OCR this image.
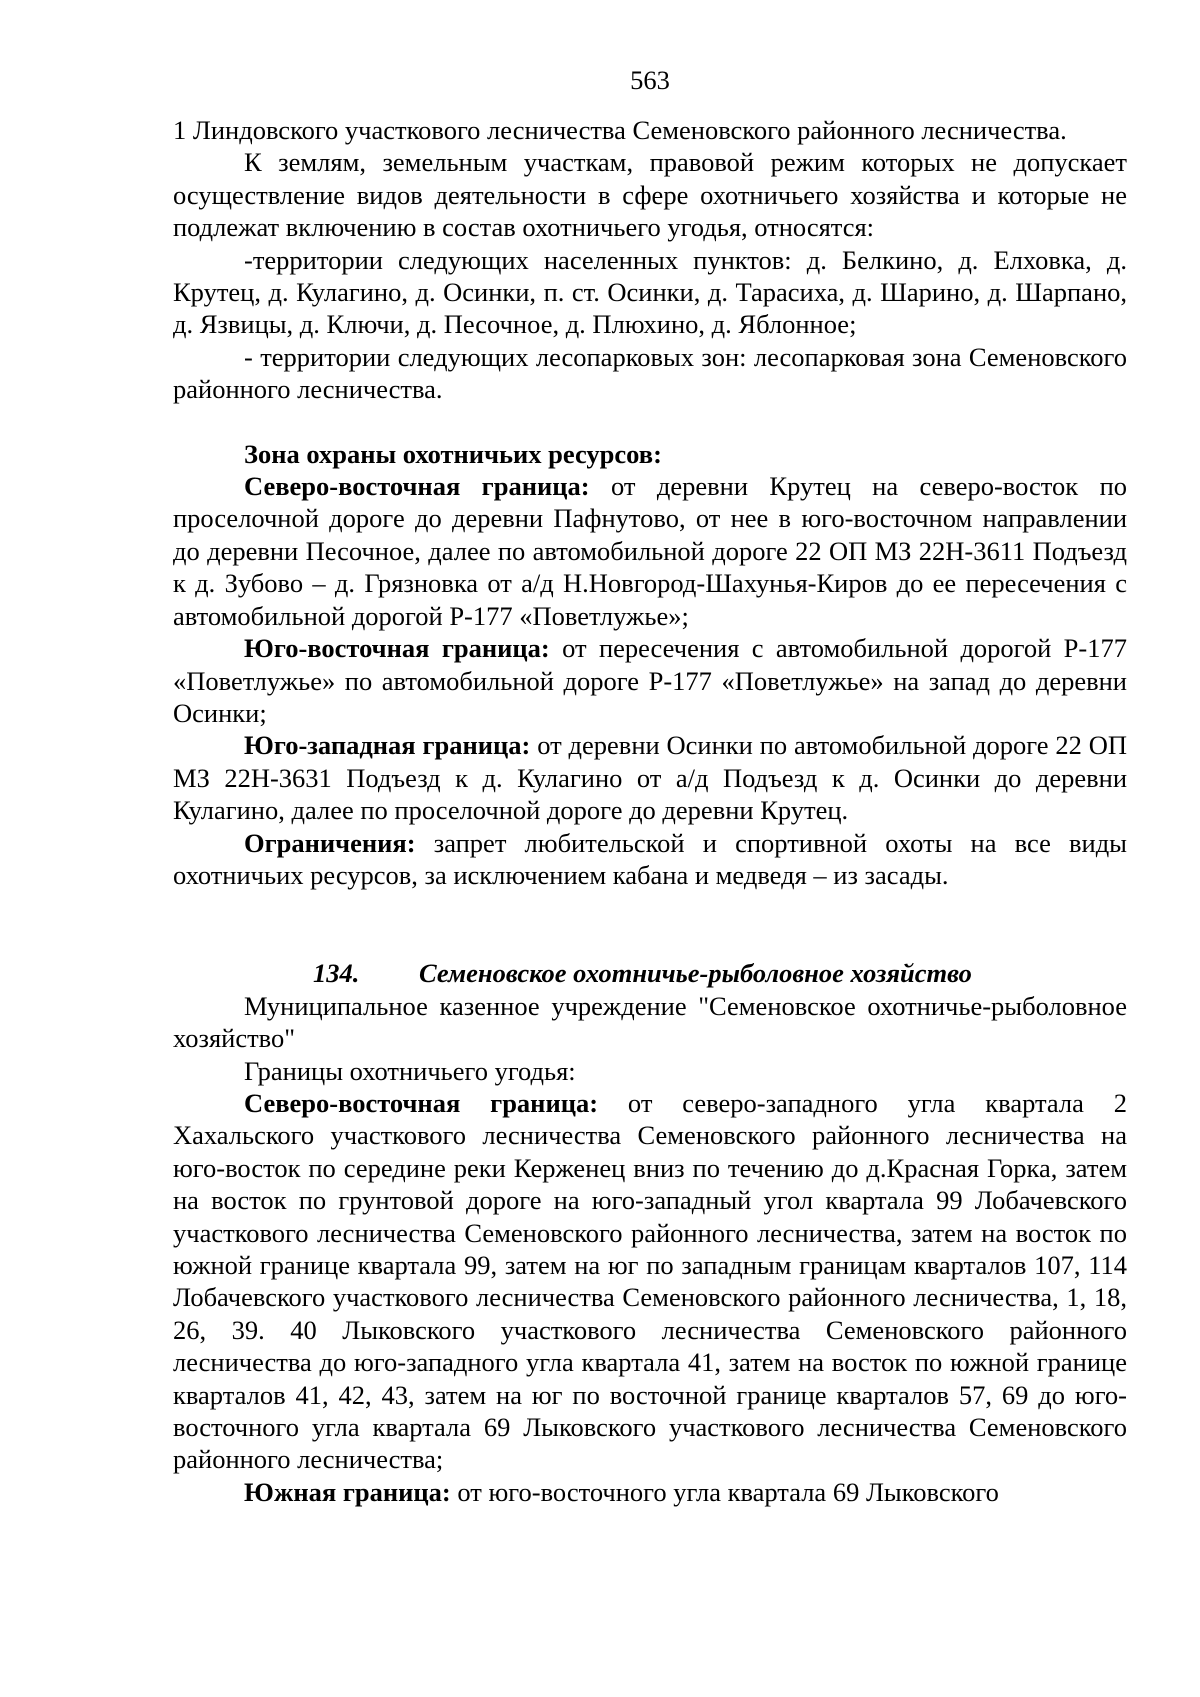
563

1 Линдовского участкового лесничества Семеновского районного лесничества.

К землям, земельным участкам, правовой режим которых не допускает осуществление видов деятельности в сфере охотничьего хозяйства и которые не подлежат включению в состав охотничьего угодья, относятся:

-территории следующих населенных пунктов: д. Белкино, д. Елховка, д. Крутец, д. Кулагино, д. Осинки, п. ст. Осинки, д. Тарасиха, д. Шарино, д. Шарпано, д. Язвицы, д. Ключи, д. Песочное, д. Плюхино, д. Яблонное;

- территории следующих лесопарковых зон: лесопарковая зона Семеновского районного лесничества.

Зона охраны охотничьих ресурсов:

Северо-восточная граница: от деревни Крутец на северо-восток по проселочной дороге до деревни Пафнутово, от нее в юго-восточном направлении до деревни Песочное, далее по автомобильной дороге 22 ОП МЗ 22Н-3611 Подъезд к д. Зубово – д. Грязновка от а/д Н.Новгород-Шахунья-Киров до ее пересечения с автомобильной дорогой Р-177 «Поветлужье»;

Юго-восточная граница: от пересечения с автомобильной дорогой Р-177 «Поветлужье» по автомобильной дороге Р-177 «Поветлужье» на запад до деревни Осинки;

Юго-западная граница: от деревни Осинки по автомобильной дороге 22 ОП МЗ 22Н-3631 Подъезд к д. Кулагино от а/д Подъезд к д. Осинки до деревни Кулагино, далее по проселочной дороге до деревни Крутец.

Ограничения: запрет любительской и спортивной охоты на все виды охотничьих ресурсов, за исключением кабана и медведя – из засады.

134. Семеновское охотничье-рыболовное хозяйство

Муниципальное казенное учреждение "Семеновское охотничье-рыболовное хозяйство"

Границы охотничьего угодья:

Северо-восточная граница: от северо-западного угла квартала 2 Хахальского участкового лесничества Семеновского районного лесничества на юго-восток по середине реки Керженец вниз по течению до д.Красная Горка, затем на восток по грунтовой дороге на юго-западный угол квартала 99 Лобачевского участкового лесничества Семеновского районного лесничества, затем на восток по южной границе квартала 99, затем на юг по западным границам кварталов 107, 114 Лобачевского участкового лесничества Семеновского районного лесничества, 1, 18, 26, 39. 40 Лыковского участкового лесничества Семеновского районного лесничества до юго-западного угла квартала 41, затем на восток по южной границе кварталов 41, 42, 43, затем на юг по восточной границе кварталов 57, 69 до юго-восточного угла квартала 69 Лыковского участкового лесничества Семеновского районного лесничества;

Южная граница: от юго-восточного угла квартала 69 Лыковского
